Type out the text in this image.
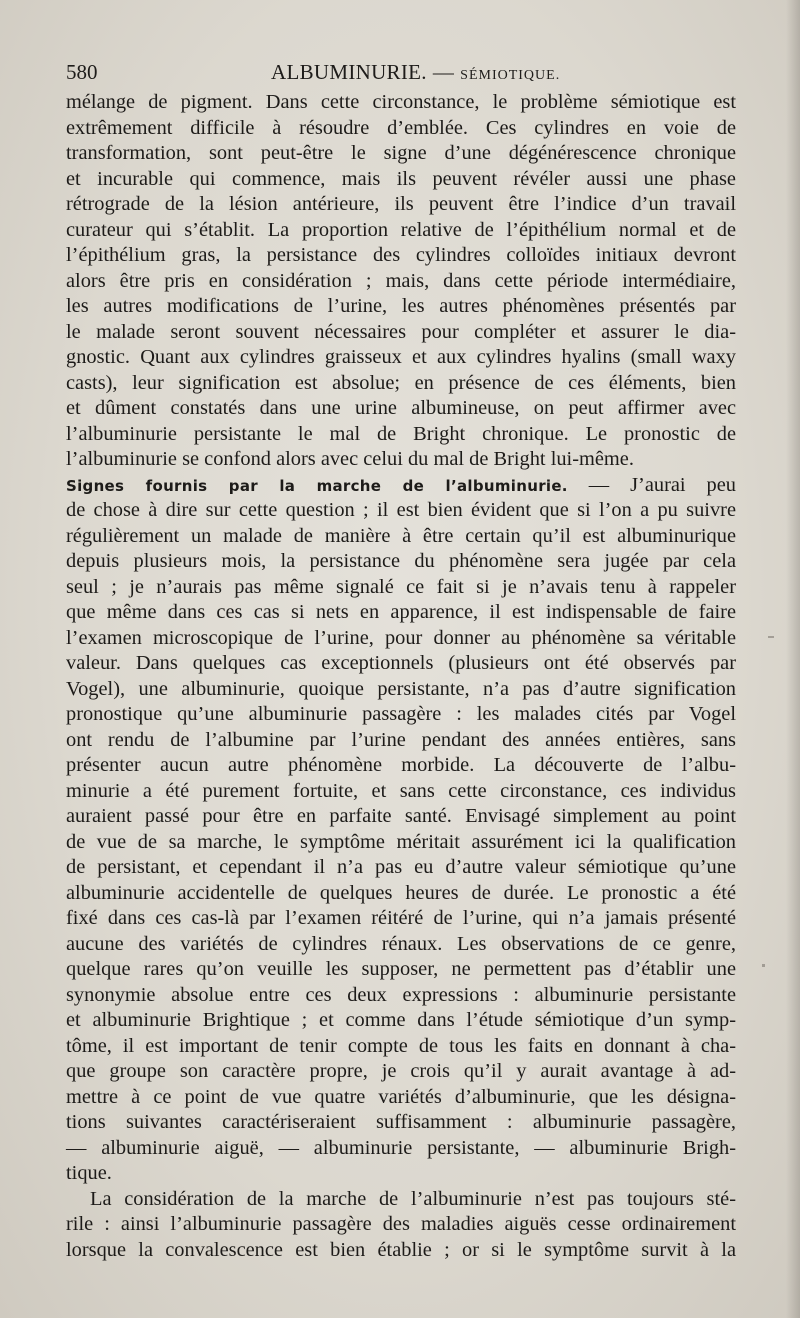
580	ALBUMINURIE. — SÉMIOTIQUE.
mélange de pigment. Dans cette circonstance, le problème sémiotique est
extrêmement difficile à résoudre d’emblée. Ces cylindres en voie de
transformation, sont peut-être le signe d’une dégénérescence chronique
et incurable qui commence, mais ils peuvent révéler aussi une phase
rétrograde de la lésion antérieure, ils peuvent être l’indice d’un travail
curateur qui s’établit. La proportion relative de l’épithélium normal et de
l’épithélium gras, la persistance des cylindres colloïdes initiaux devront
alors être pris en considération ; mais, dans cette période intermédiaire,
les autres modifications de l’urine, les autres phénomènes présentés par
le malade seront souvent nécessaires pour compléter et assurer le dia-
gnostic. Quant aux cylindres graisseux et aux cylindres hyalins (small waxy
casts), leur signification est absolue; en présence de ces éléments, bien
et dûment constatés dans une urine albumineuse, on peut affirmer avec
l’albuminurie persistante le mal de Bright chronique. Le pronostic de
l’albuminurie se confond alors avec celui du mal de Bright lui-même.
Signes fournis par la marche de l’albuminurie. — J’aurai peu
de chose à dire sur cette question ; il est bien évident que si l’on a pu suivre
régulièrement un malade de manière à être certain qu’il est albuminurique
depuis plusieurs mois, la persistance du phénomène sera jugée par cela
seul ; je n’aurais pas même signalé ce fait si je n’avais tenu à rappeler
que même dans ces cas si nets en apparence, il est indispensable de faire
l’examen microscopique de l’urine, pour donner au phénomène sa véritable
valeur. Dans quelques cas exceptionnels (plusieurs ont été observés par
Vogel), une albuminurie, quoique persistante, n’a pas d’autre signification
pronostique qu’une albuminurie passagère : les malades cités par Vogel
ont rendu de l’albumine par l’urine pendant des années entières, sans
présenter aucun autre phénomène morbide. La découverte de l’albu-
minurie a été purement fortuite, et sans cette circonstance, ces individus
auraient passé pour être en parfaite santé. Envisagé simplement au point
de vue de sa marche, le symptôme méritait assurément ici la qualification
de persistant, et cependant il n’a pas eu d’autre valeur sémiotique qu’une
albuminurie accidentelle de quelques heures de durée. Le pronostic a été
fixé dans ces cas-là par l’examen réitéré de l’urine, qui n’a jamais présenté
aucune des variétés de cylindres rénaux. Les observations de ce genre,
quelque rares qu’on veuille les supposer, ne permettent pas d’établir une
synonymie absolue entre ces deux expressions : albuminurie persistante
et albuminurie Brightique ; et comme dans l’étude sémiotique d’un symp-
tôme, il est important de tenir compte de tous les faits en donnant à cha-
que groupe son caractère propre, je crois qu’il y aurait avantage à ad-
mettre à ce point de vue quatre variétés d’albuminurie, que les désigna-
tions suivantes caractériseraient suffisamment : albuminurie passagère,
— albuminurie aiguë, — albuminurie persistante, — albuminurie Brigh-
tique.
La considération de la marche de l’albuminurie n’est pas toujours sté-
rile : ainsi l’albuminurie passagère des maladies aiguës cesse ordinairement
lorsque la convalescence est bien établie ; or si le symptôme survit à la
